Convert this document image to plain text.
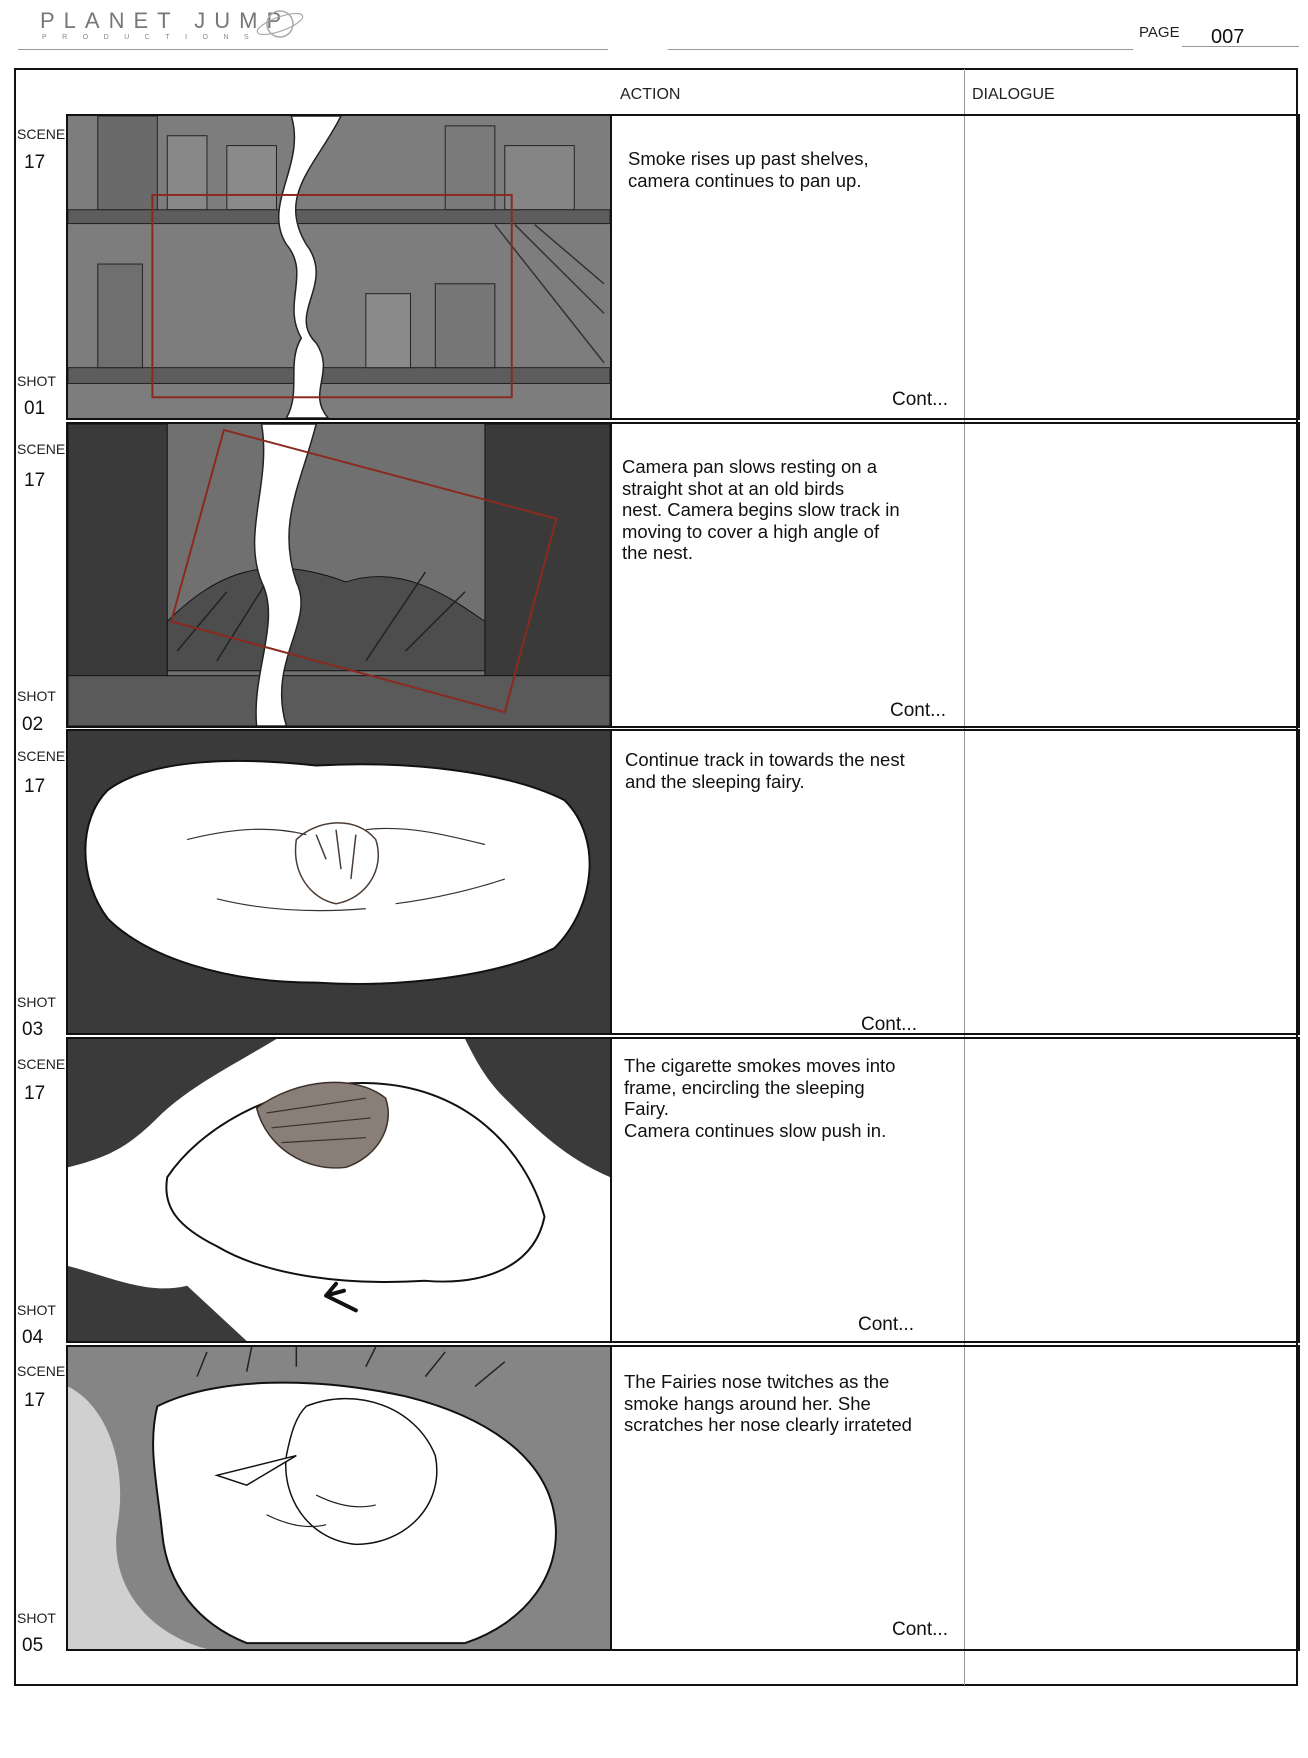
PLANET JUMP
PRODUCTIONS	PAGE 007
ACTION	DIALOGUE
SCENE
17
SHOT
01
Smoke rises up past shelves,
camera continues to pan up.
Cont...
SCENE
17
SHOT
02
Camera pan slows resting on a
straight shot at an old birds
nest. Camera begins slow track in
moving to cover a high angle of
the nest.
Cont...
SCENE
17
SHOT
03
Continue track in towards the nest
and the sleeping fairy.
Cont...
SCENE
17
SHOT
04
The cigarette smokes moves into
frame, encircling the sleeping
Fairy.
Camera continues slow push in.
Cont...
SCENE
17
SHOT
05
The Fairies nose twitches as the
smoke hangs around her. She
scratches her nose clearly irrateted
Cont...
